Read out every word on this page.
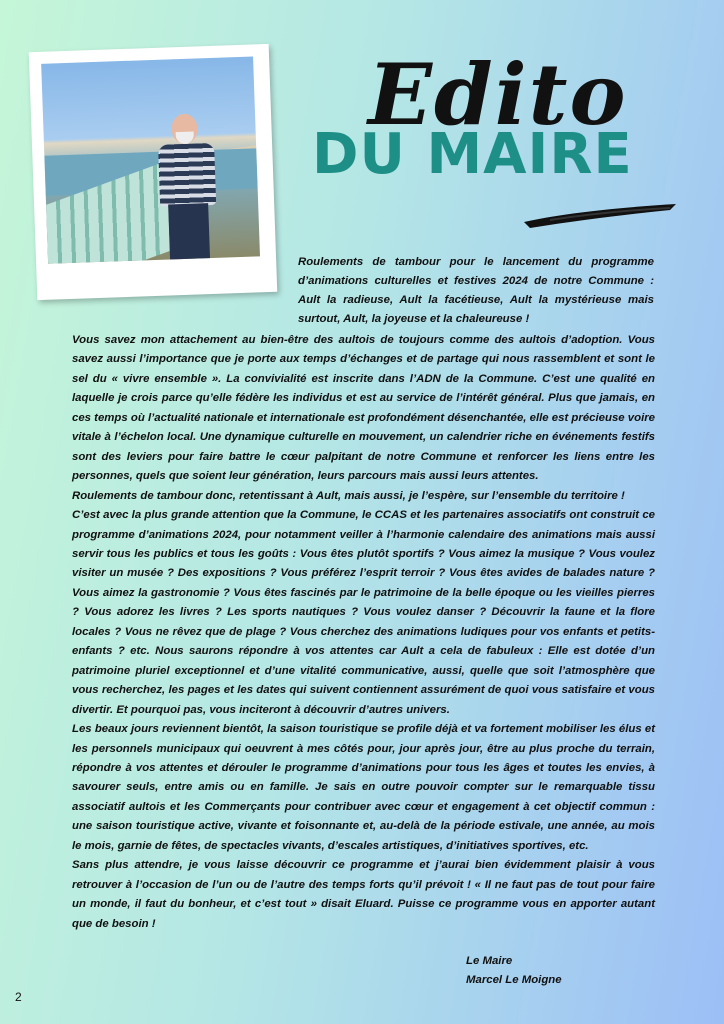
Edito
DU MAIRE
Roulements de tambour pour le lancement du programme d’animations culturelles et festives 2024 de notre Commune : Ault la radieuse, Ault la facétieuse, Ault la mystérieuse mais surtout, Ault, la joyeuse et la chaleureuse !

Vous savez mon attachement au bien-être des aultois de toujours comme des aultois d’adoption. Vous savez aussi l’importance que je porte aux temps d’échanges et de partage qui nous rassemblent et sont le sel du « vivre ensemble ». La convivialité est inscrite dans l’ADN de la Commune. C’est une qualité en laquelle je crois parce qu’elle fédère les individus et est au service de l’intérêt général. Plus que jamais, en ces temps où l’actualité nationale et internationale est profondément désenchantée, elle est précieuse voire vitale à l’échelon local. Une dynamique culturelle en mouvement, un calendrier riche en événements festifs sont des leviers pour faire battre le cœur palpitant de notre Commune et renforcer les liens entre les personnes, quels que soient leur génération, leurs parcours mais aussi leurs attentes.

Roulements de tambour donc, retentissant à Ault, mais aussi, je l’espère, sur l’ensemble du territoire !

C’est avec la plus grande attention que la Commune, le CCAS et les partenaires associatifs ont construit ce programme d’animations 2024, pour notamment veiller à l’harmonie calendaire des animations mais aussi servir tous les publics et tous les goûts : Vous êtes plutôt sportifs ? Vous aimez la musique ? Vous voulez visiter un musée ? Des expositions ? Vous préférez l’esprit terroir ? Vous êtes avides de balades nature ? Vous aimez la gastronomie ? Vous êtes fascinés par le patrimoine de la belle époque ou les vieilles pierres ? Vous adorez les livres ? Les sports nautiques ? Vous voulez danser ? Découvrir la faune et la flore locales ? Vous ne rêvez que de plage ? Vous cherchez des animations ludiques pour vos enfants et petits-enfants ? etc. Nous saurons répondre à vos attentes car Ault a cela de fabuleux : Elle est dotée d’un patrimoine pluriel exceptionnel et d’une vitalité communicative, aussi, quelle que soit l’atmosphère que vous recherchez, les pages et les dates qui suivent contiennent assurément de quoi vous satisfaire et vous divertir. Et pourquoi pas, vous inciteront à découvrir d’autres univers.

Les beaux jours reviennent bientôt, la saison touristique se profile déjà et va fortement mobiliser les élus et les personnels municipaux qui oeuvrent à mes côtés pour, jour après jour, être au plus proche du terrain, répondre à vos attentes et dérouler le programme d’animations pour tous les âges et toutes les envies, à savourer seuls, entre amis ou en famille. Je sais en outre pouvoir compter sur le remarquable tissu associatif aultois et les Commerçants pour contribuer avec cœur et engagement à cet objectif commun : une saison touristique active, vivante et foisonnante et, au-delà de la période estivale, une année, au mois le mois, garnie de fêtes, de spectacles vivants, d’escales artistiques, d’initiatives sportives, etc.

Sans plus attendre, je vous laisse découvrir ce programme et j’aurai bien évidemment plaisir à vous retrouver à l’occasion de l’un ou de l’autre des temps forts qu’il prévoit ! « Il ne faut pas de tout pour faire un monde, il faut du bonheur, et c’est tout » disait Eluard. Puisse ce programme vous en apporter autant que de besoin !

Le Maire
Marcel Le Moigne
2
